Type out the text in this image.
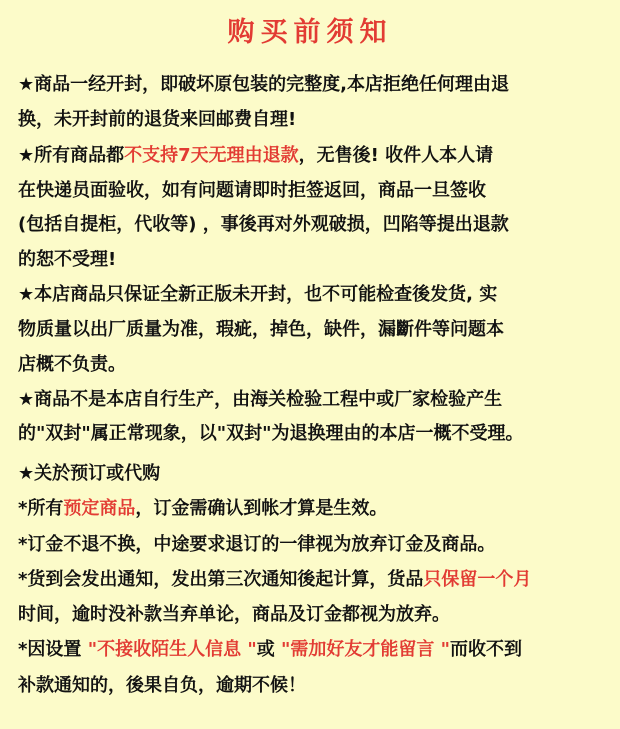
购买前须知
★商品一经开封，即破坏原包装的完整度,本店拒绝任何理由退
换，未开封前的退货来回邮费自理!
★所有商品都不支持7天无理由退款，无售後! 收件人本人请
在快递员面验收，如有问题请即时拒签返回，商品一旦签收
(包括自提柜，代收等) ，事後再对外观破损，凹陷等提出退款
的恕不受理!
★本店商品只保证全新正版未开封，也不可能检查後发货, 实
物质量以出厂质量为准，瑕疵，掉色，缺件，漏斷件等问题本
店概不负责。
★商品不是本店自行生产，由海关检验工程中或厂家检验产生
的"双封"属正常现象，以"双封"为退换理由的本店一概不受理。
★关於预订或代购
*所有预定商品，订金需确认到帐才算是生效。
*订金不退不换，中途要求退订的一律视为放弃订金及商品。
*货到会发出通知，发出第三次通知後起计算，货品只保留一个月
时间，逾时没补款当弃单论，商品及订金都视为放弃。
*因设置 "不接收陌生人信息 "或 "需加好友才能留言 "而收不到
补款通知的，後果自负，逾期不候！
